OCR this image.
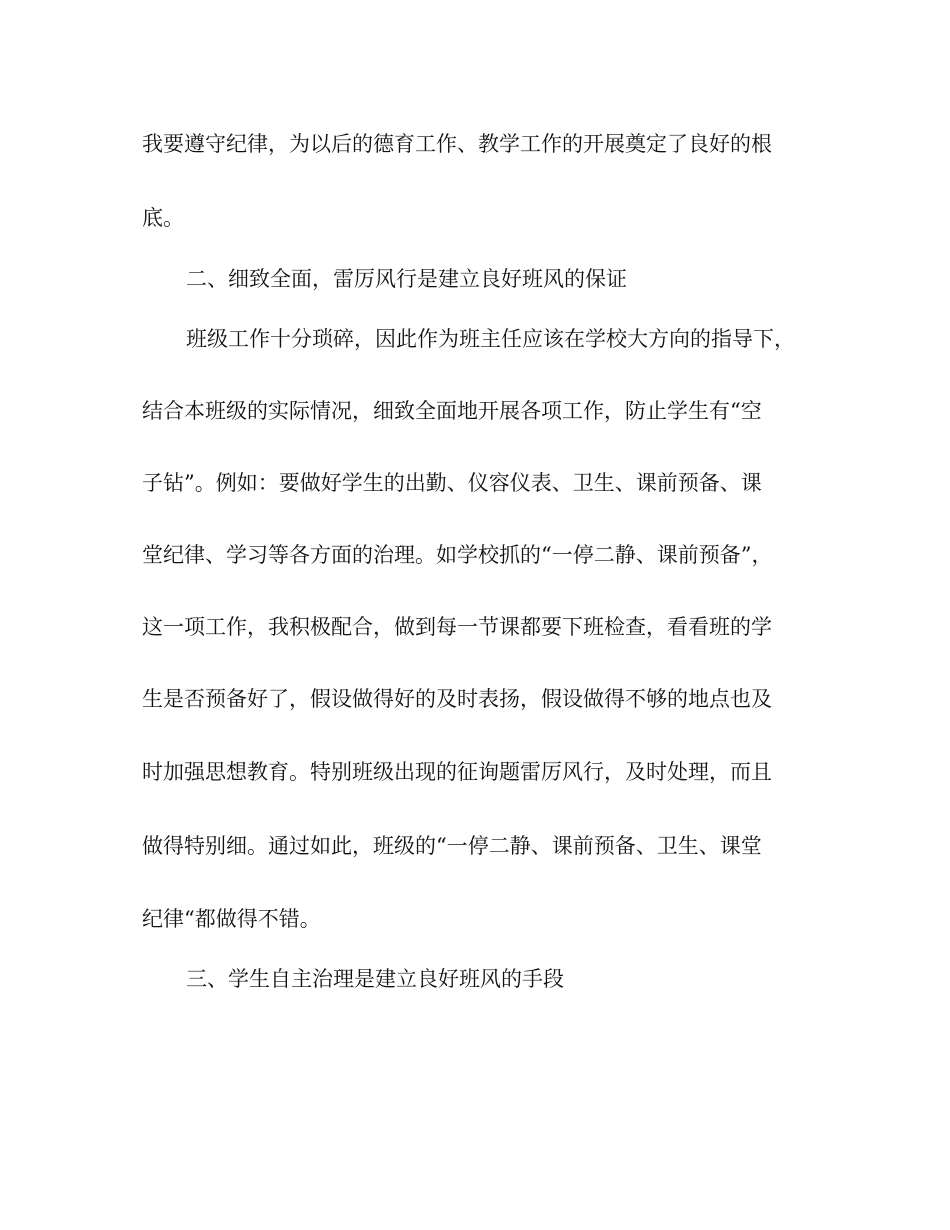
我要遵守纪律，为以后的德育工作、教学工作的开展奠定了良好的根
底。
二、细致全面，雷厉风行是建立良好班风的保证
班级工作十分琐碎，因此作为班主任应该在学校大方向的指导下，
结合本班级的实际情况，细致全面地开展各项工作，防止学生有“空
子钻”。例如：要做好学生的出勤、仪容仪表、卫生、课前预备、课
堂纪律、学习等各方面的治理。如学校抓的“一停二静、课前预备”，
这一项工作，我积极配合，做到每一节课都要下班检查，看看班的学
生是否预备好了，假设做得好的及时表扬，假设做得不够的地点也及
时加强思想教育。特别班级出现的征询题雷厉风行，及时处理，而且
做得特别细。通过如此，班级的“一停二静、课前预备、卫生、课堂
纪律“都做得不错。
三、学生自主治理是建立良好班风的手段
